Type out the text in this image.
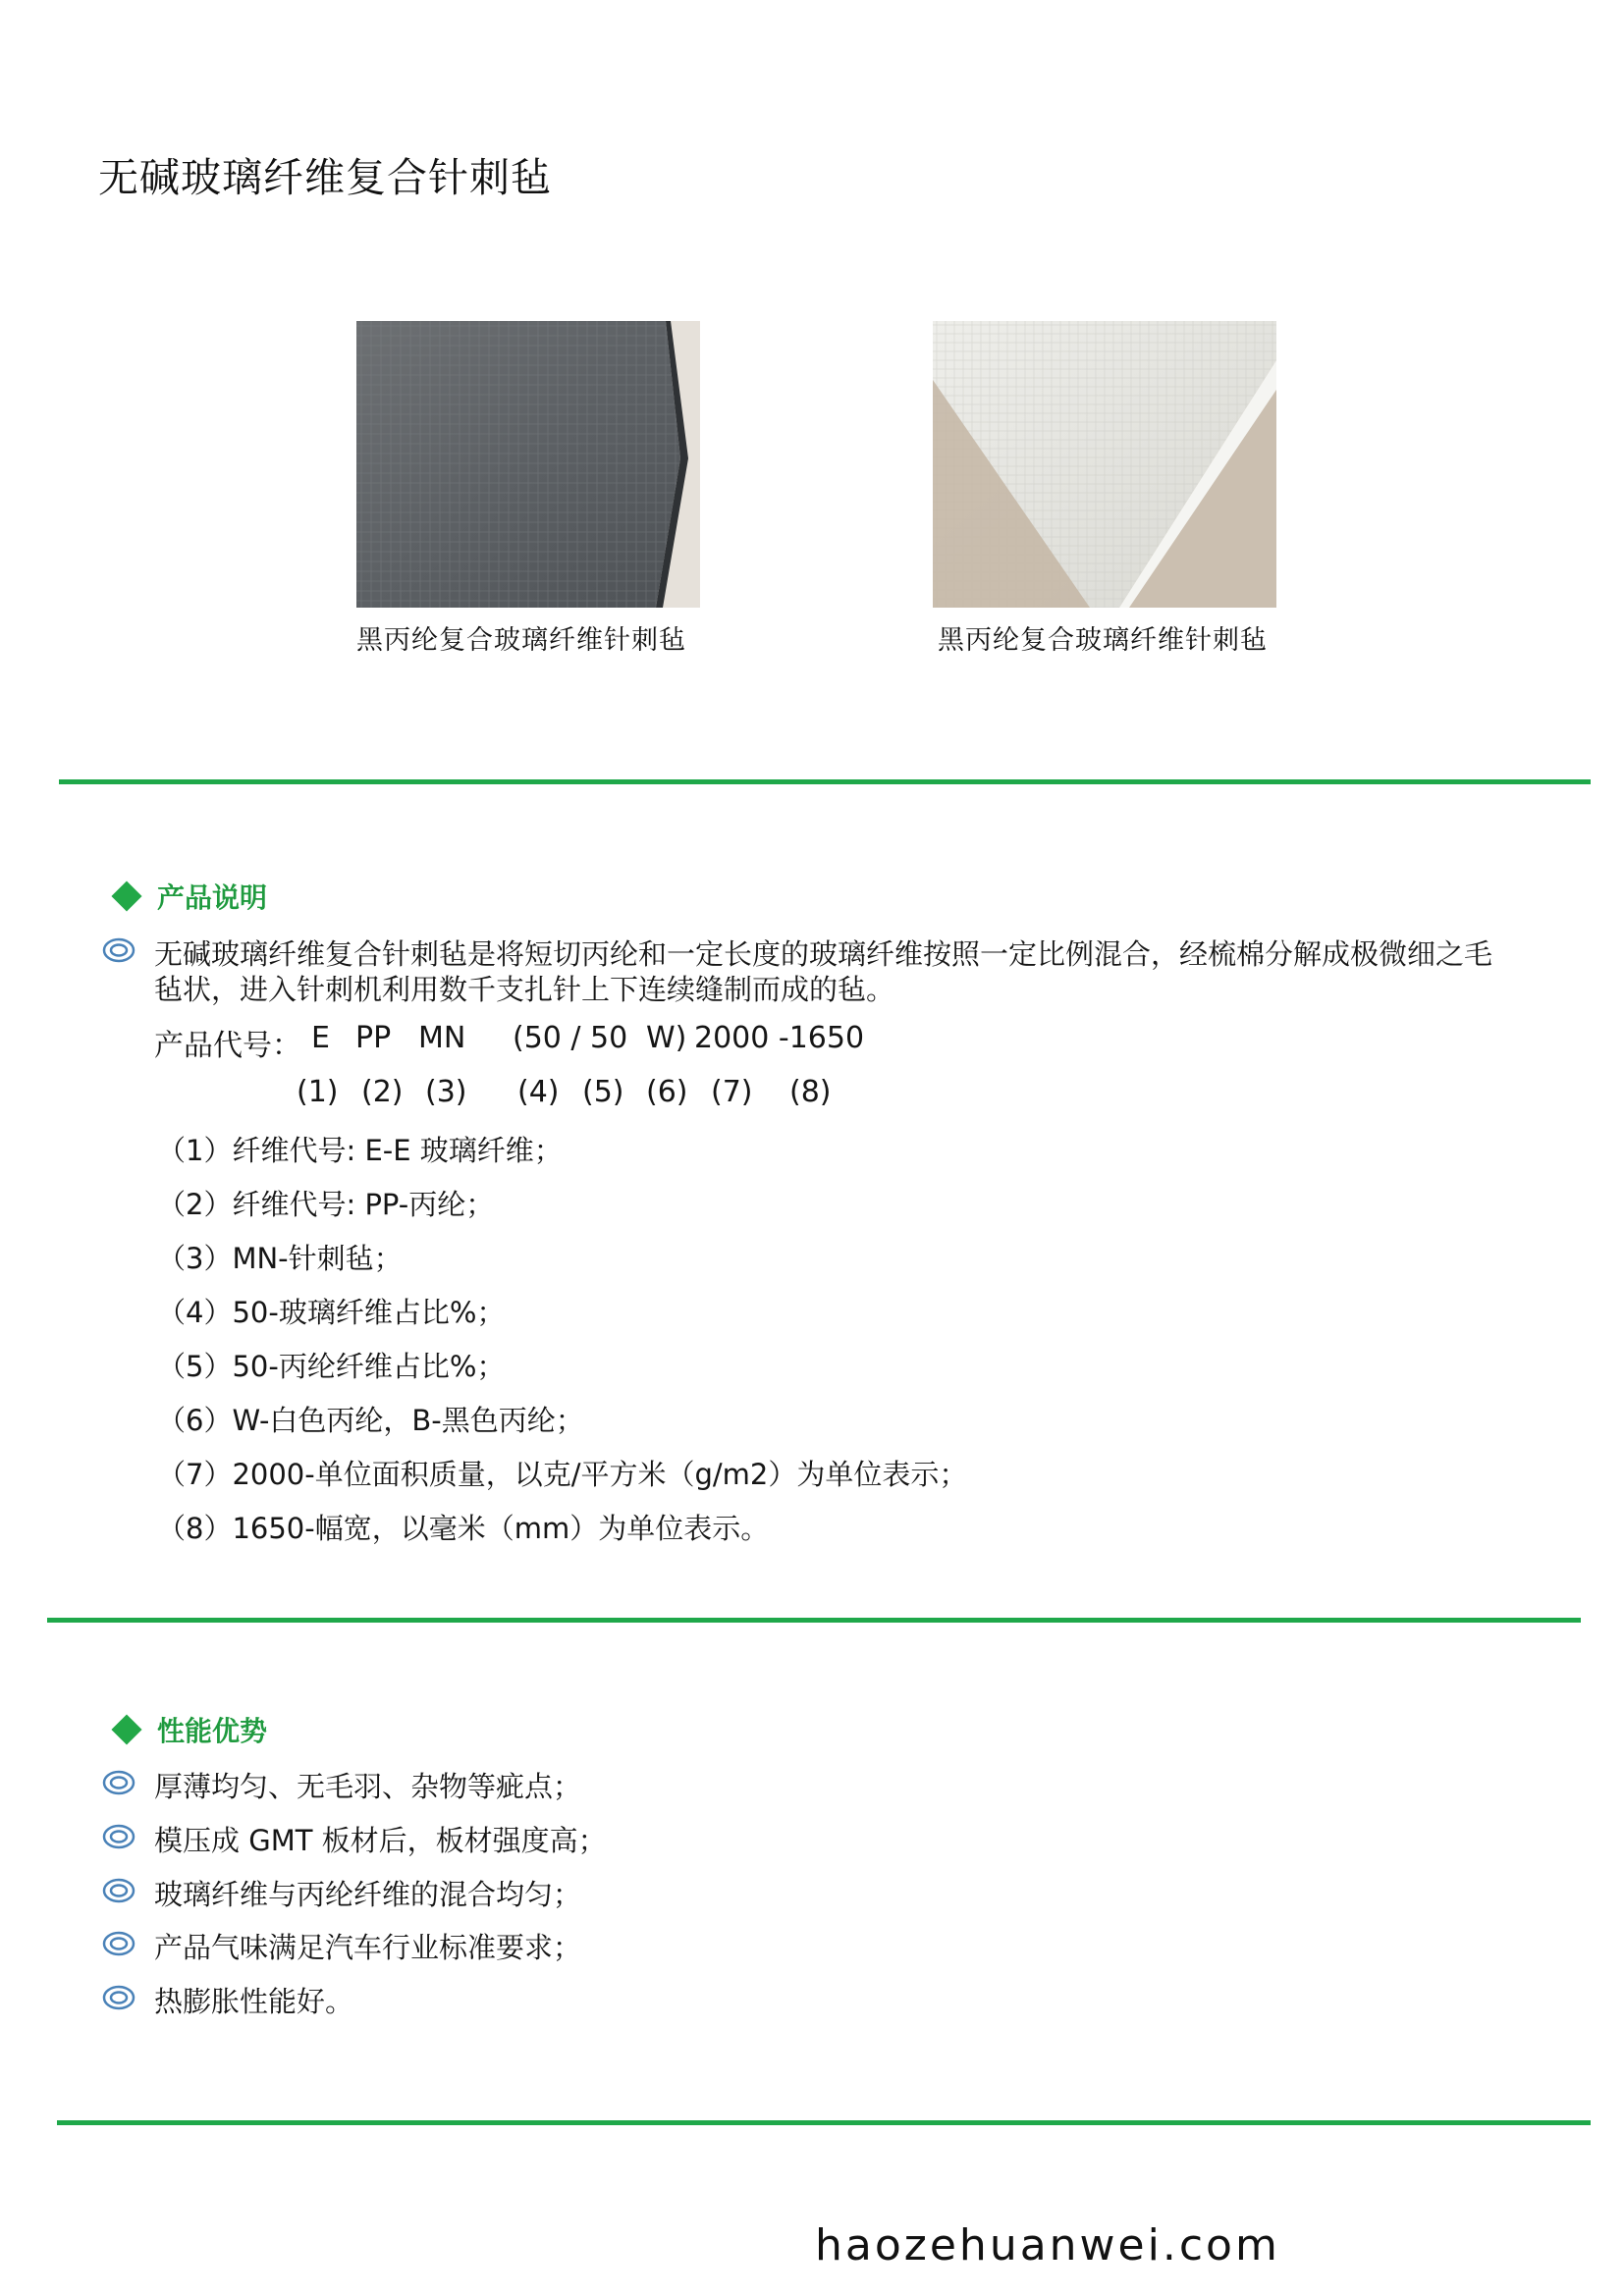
无碱玻璃纤维复合针刺毡
黑丙纶复合玻璃纤维针刺毡	黑丙纶复合玻璃纤维针刺毡
产品说明
无碱玻璃纤维复合针刺毡是将短切丙纶和一定长度的玻璃纤维按照一定比例混合，经梳棉分解成极微细之毛
毡状，进入针刺机利用数千支扎针上下连续缝制而成的毡。
产品代号： E PP MN (50 / 50 W) 2000 -1650
(1) (2) (3) (4) (5) (6) (7) (8)
（1）纤维代号: E-E 玻璃纤维；
（2）纤维代号: PP-丙纶；
（3）MN-针刺毡；
（4）50-玻璃纤维占比%；
（5）50-丙纶纤维占比%；
（6）W-白色丙纶，B-黑色丙纶；
（7）2000-单位面积质量，以克/平方米（g/m2）为单位表示；
（8）1650-幅宽，以毫米（mm）为单位表示。
性能优势
厚薄均匀、无毛羽、杂物等疵点；
模压成 GMT 板材后，板材强度高；
玻璃纤维与丙纶纤维的混合均匀；
产品气味满足汽车行业标准要求；
热膨胀性能好。
haozehuanwei.com
